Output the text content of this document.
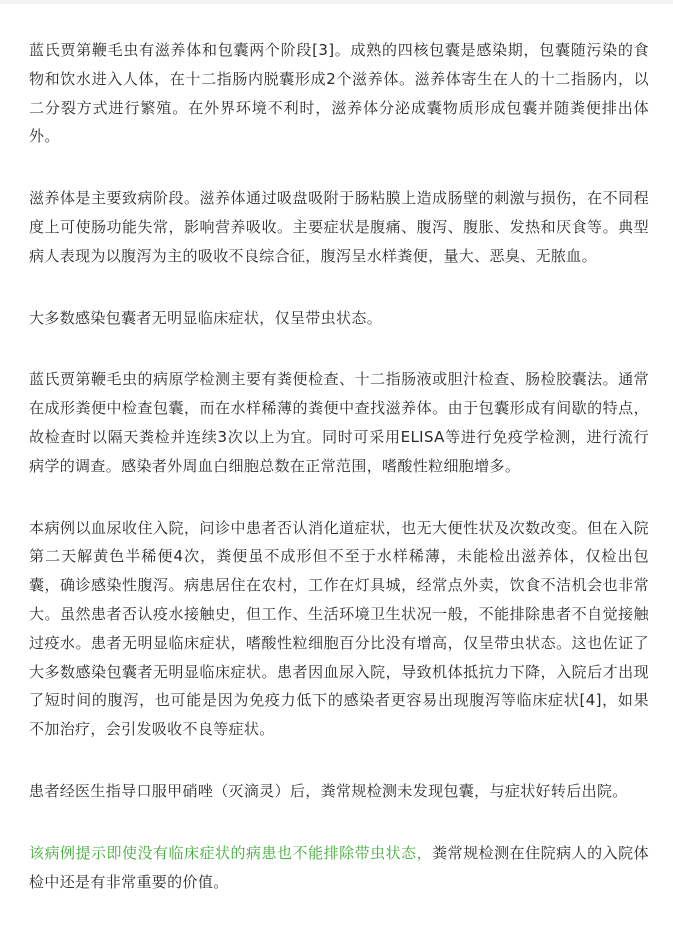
蓝氏贾第鞭毛虫有滋养体和包囊两个阶段[3]。成熟的四核包囊是感染期，包囊随污染的食物和饮水进入人体，在十二指肠内脱囊形成2个滋养体。滋养体寄生在人的十二指肠内，以二分裂方式进行繁殖。在外界环境不利时，滋养体分泌成囊物质形成包囊并随粪便排出体外。

滋养体是主要致病阶段。滋养体通过吸盘吸附于肠粘膜上造成肠壁的刺激与损伤，在不同程度上可使肠功能失常，影响营养吸收。主要症状是腹痛、腹泻、腹胀、发热和厌食等。典型病人表现为以腹泻为主的吸收不良综合征，腹泻呈水样粪便，量大、恶臭、无脓血。

大多数感染包囊者无明显临床症状，仅呈带虫状态。

蓝氏贾第鞭毛虫的病原学检测主要有粪便检查、十二指肠液或胆汁检查、肠检胶囊法。通常在成形粪便中检查包囊，而在水样稀薄的粪便中查找滋养体。由于包囊形成有间歇的特点，故检查时以隔天粪检并连续3次以上为宜。同时可采用ELISA等进行免疫学检测，进行流行病学的调查。感染者外周血白细胞总数在正常范围，嗜酸性粒细胞增多。

本病例以血尿收住入院，问诊中患者否认消化道症状，也无大便性状及次数改变。但在入院第二天解黄色半稀便4次，粪便虽不成形但不至于水样稀薄，未能检出滋养体，仅检出包囊，确诊感染性腹泻。病患居住在农村，工作在灯具城，经常点外卖，饮食不洁机会也非常大。虽然患者否认疫水接触史，但工作、生活环境卫生状况一般，不能排除患者不自觉接触过疫水。患者无明显临床症状，嗜酸性粒细胞百分比没有增高，仅呈带虫状态。这也佐证了大多数感染包囊者无明显临床症状。患者因血尿入院，导致机体抵抗力下降，入院后才出现了短时间的腹泻，也可能是因为免疫力低下的感染者更容易出现腹泻等临床症状[4]，如果不加治疗，会引发吸收不良等症状。

患者经医生指导口服甲硝唑（灭滴灵）后，粪常规检测未发现包囊，与症状好转后出院。

该病例提示即使没有临床症状的病患也不能排除带虫状态，粪常规检测在住院病人的入院体检中还是有非常重要的价值。
